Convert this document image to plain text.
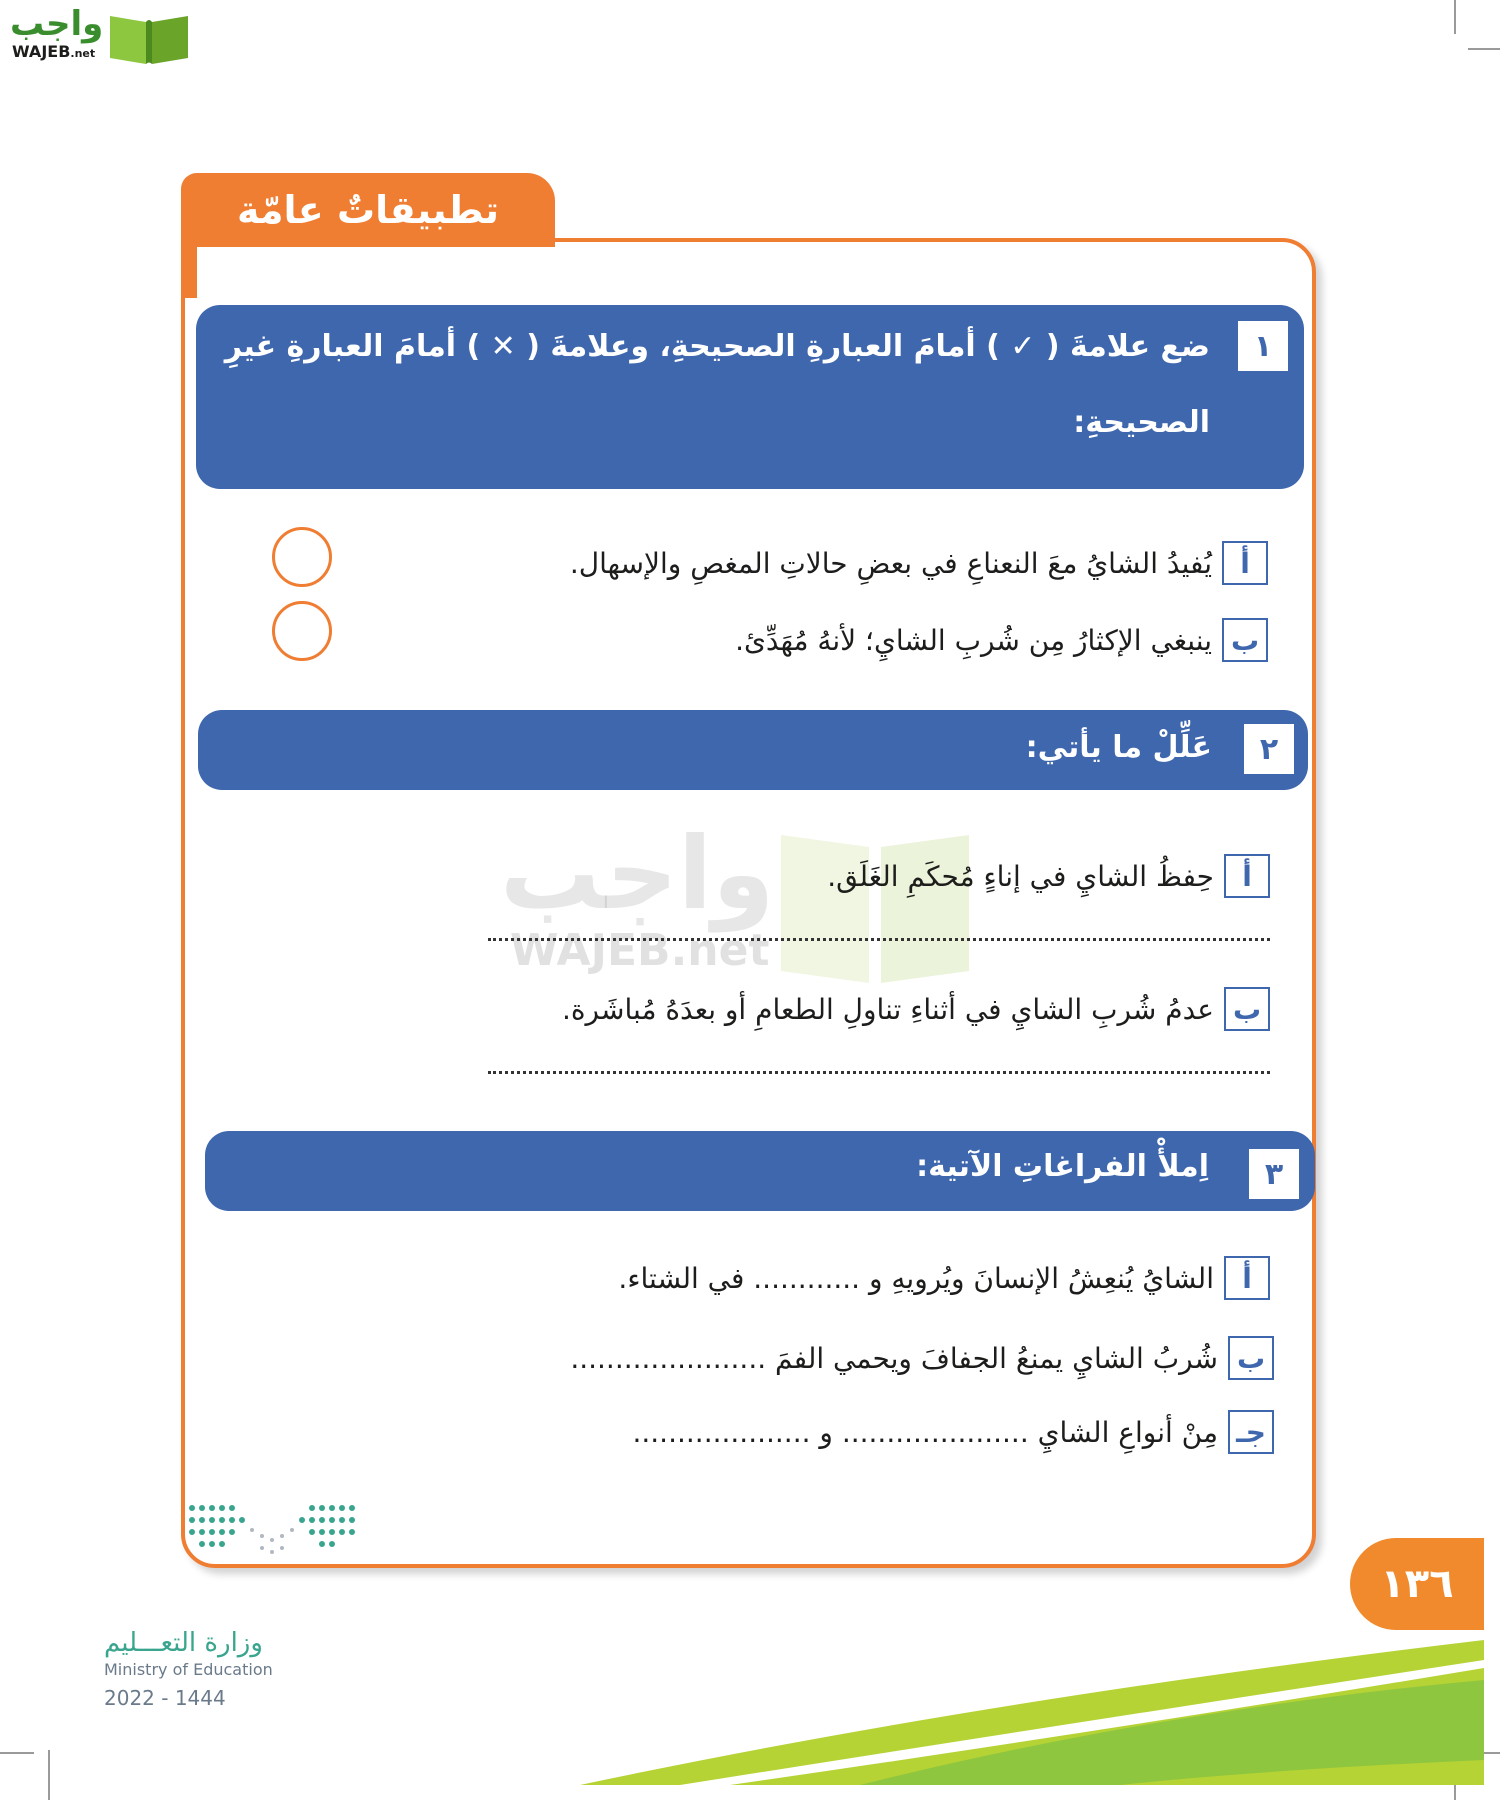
واجب
WAJEB.net
تطبيقاتٌ عامّة
واجب
WAJEB.net
١
ضع علامةَ ( ✓ ) أمامَ العبارةِ الصحيحةِ، وعلامةَ ( ✕ ) أمامَ العبارةِ غيرِ
الصحيحةِ:
أيُفيدُ الشايُ معَ النعناعِ في بعضِ حالاتِ المغصِ والإسهال.
بينبغي الإكثارُ مِن شُربِ الشايِ؛ لأنهُ مُهَدِّئ.
٢
عَلِّلْ ما يأتي:
أحِفظُ الشايِ في إناءٍ مُحكَمِ الغَلَق.
بعدمُ شُربِ الشايِ في أثناءِ تناولِ الطعامِ أو بعدَهُ مُباشَرة.
٣
اِملأْ الفراغاتِ الآتية:
أالشايُ يُنعِشُ الإنسانَ ويُرويهِ و ............ في الشتاء.
بشُربُ الشايِ يمنعُ الجفافَ ويحمي الفمَ ......................
جـمِنْ أنواعِ الشايِ ..................... و ....................
١٣٦
وزارة التعـــليم
Ministry of Education
2022 - 1444
